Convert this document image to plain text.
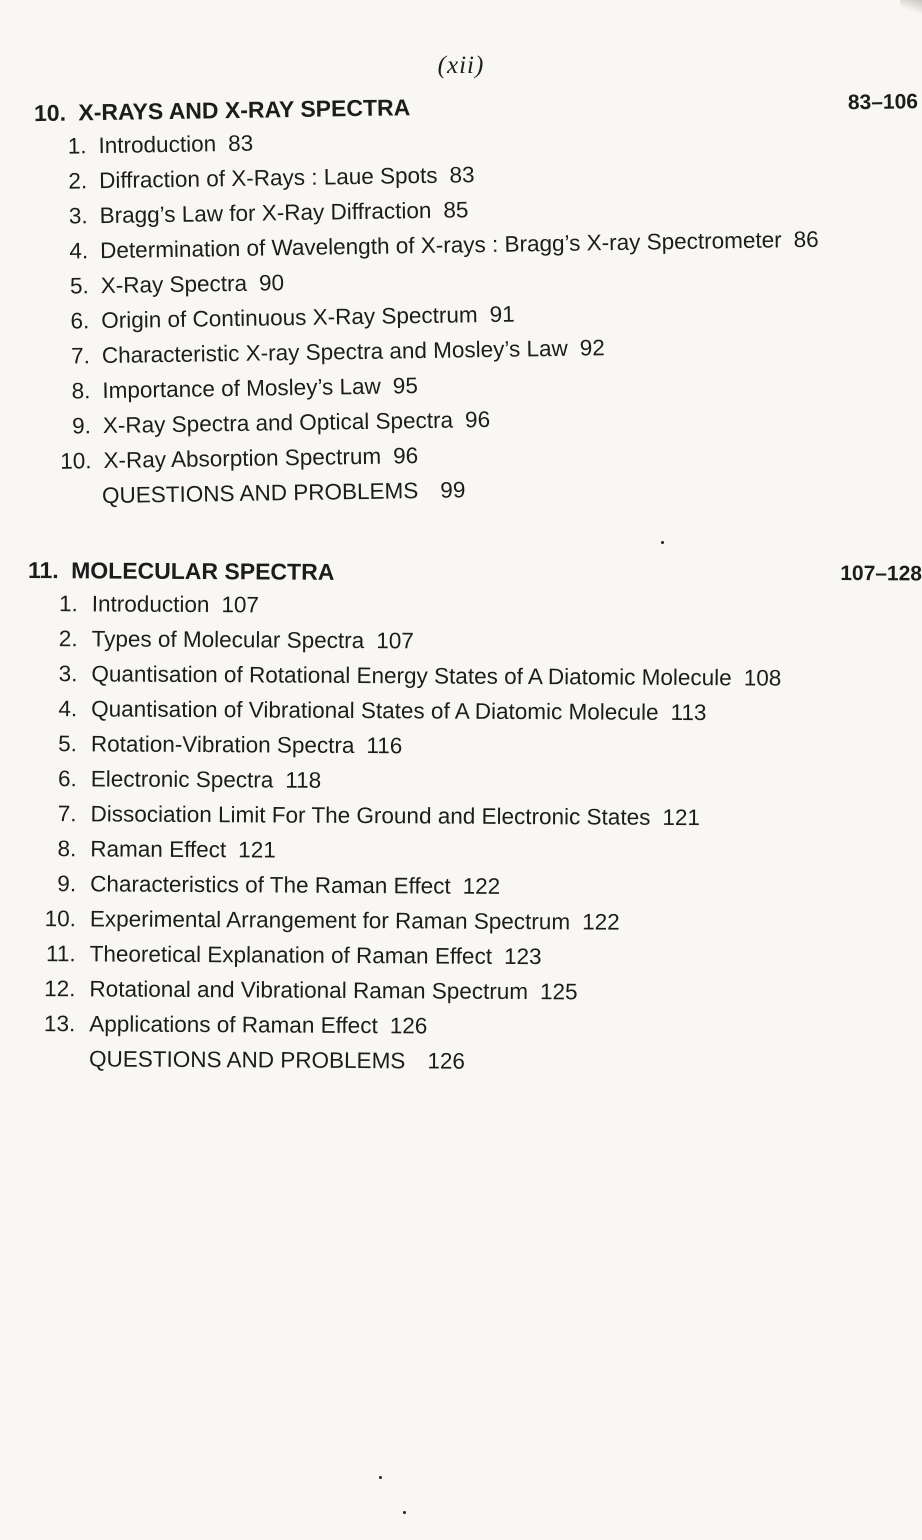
(xii)
10. X-RAYS AND X-RAY SPECTRA	83–106
1. Introduction 83
2. Diffraction of X-Rays : Laue Spots 83
3. Bragg’s Law for X-Ray Diffraction 85
4. Determination of Wavelength of X-rays : Bragg’s X-ray Spectrometer 86
5. X-Ray Spectra 90
6. Origin of Continuous X-Ray Spectrum 91
7. Characteristic X-ray Spectra and Mosley’s Law 92
8. Importance of Mosley’s Law 95
9. X-Ray Spectra and Optical Spectra 96
10. X-Ray Absorption Spectrum 96
QUESTIONS AND PROBLEMS 99
11. MOLECULAR SPECTRA	107–128
1. Introduction 107
2. Types of Molecular Spectra 107
3. Quantisation of Rotational Energy States of A Diatomic Molecule 108
4. Quantisation of Vibrational States of A Diatomic Molecule 113
5. Rotation-Vibration Spectra 116
6. Electronic Spectra 118
7. Dissociation Limit For The Ground and Electronic States 121
8. Raman Effect 121
9. Characteristics of The Raman Effect 122
10. Experimental Arrangement for Raman Spectrum 122
11. Theoretical Explanation of Raman Effect 123
12. Rotational and Vibrational Raman Spectrum 125
13. Applications of Raman Effect 126
QUESTIONS AND PROBLEMS 126
